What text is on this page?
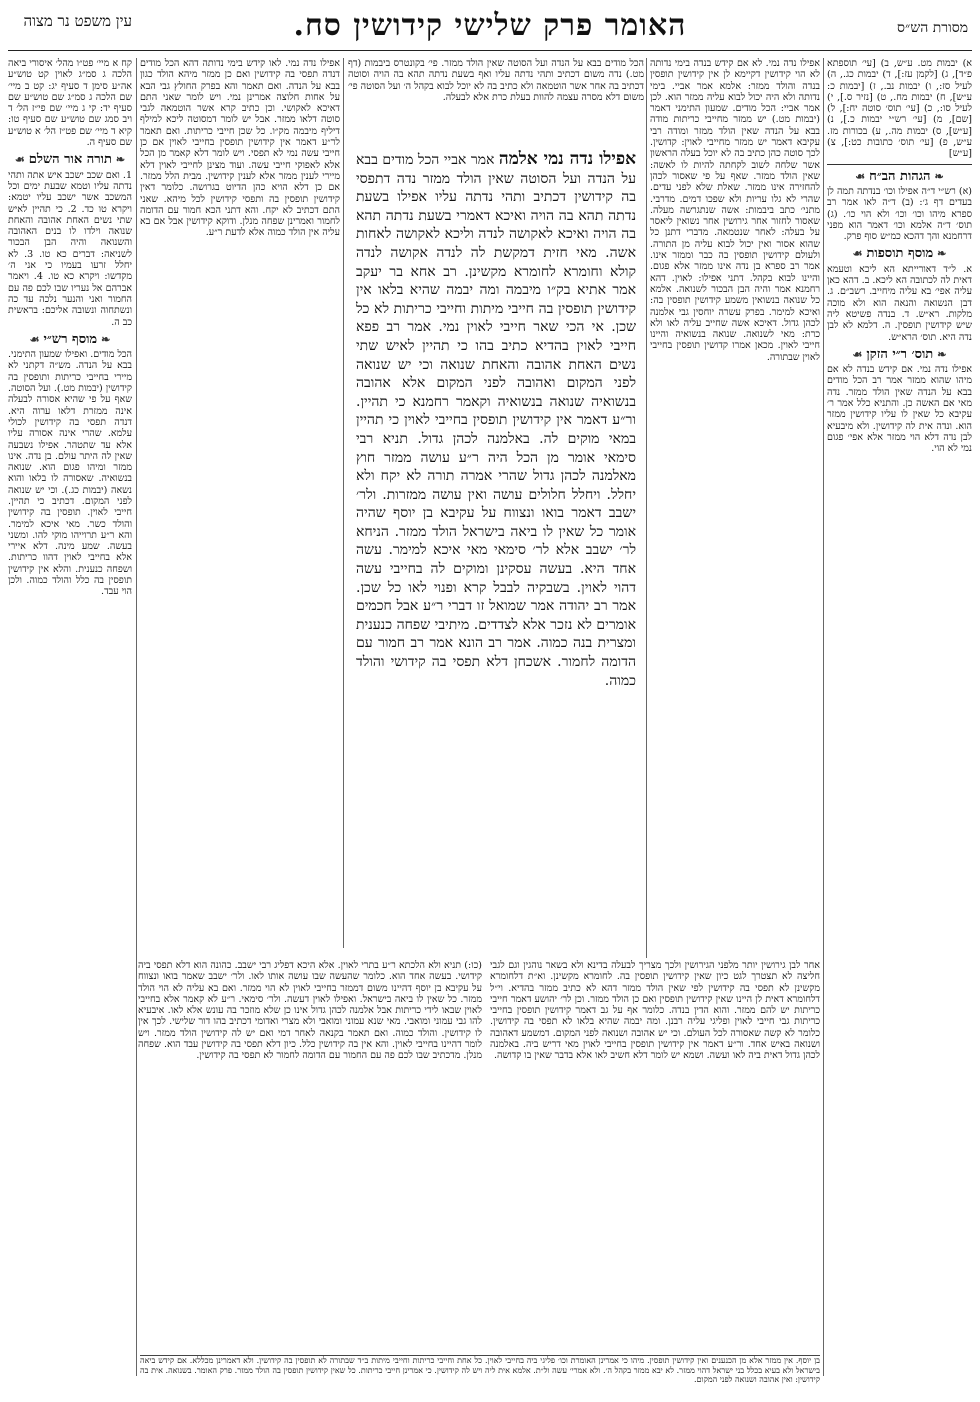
האומר פרק שלישי קידושין סח.	מסורת הש״ס
עין משפט נר מצוה

א) יבמות מט. ע״ש, ב) [עי׳ תוספתא פ״ד], ג) [לקמן עז:], ד) יבמות כג., ה) לעיל סז:, ו) יבמות נב., ז) [יבמות כ: ע״ש], ח) יבמות מח., ט) [נזיר ס.], י) לעיל סו:, כ) [עי׳ תוס׳ סוטה יח:], ל) [שם], מ) [עי׳ רש״י יבמות כ.], נ) [ע״ש], ס) יבמות מה., ע) בכורות מז. ע״ש, פ) [עי׳ תוס׳ כתובות כט:], צ) [ע״ש]

❧הגהות הב״ח☙

(א) רש״י ד״ה אפילו וכו׳ בנדתה תמה לן בעדים דף ג׳: (ב) ד״ה לאו אמר רב ספרא מיהו וכו׳ וכו׳ ולא הוי כו׳. (ג) תוס׳ ד״ה אלמא וכו׳ דאמר הוא מפני דרחמנא והך דהכא כמ״ש סוף פרק.

❧מוסף תוספות☙

א. ל״ד דאורייתא הא ליכא וטעמא דאית לה לכתובה הא ליכא. ב. דהא כאן עליה אפי׳ בא עליה מיחייב. רשב״ם. ג. דבן הנשואה והנאה הוא ולא מוכה מלקות. רא״ש. ד. בנדה פשיטא ליה שיש קידושין תופסין. ה. דלמא לא לבן נדה היא. תוס׳ הרא״ש.

❧תוס׳ ר״י הזקן☙

אפילו נדה נמי. אם קידש בנדה לא אם מיהו שהוא ממזר אמר רב הכל מודים בבא על הנדה שאין הולד ממזר. נדה מאי אם האשה כן. והתניא כלל אמר ר׳ עקיבא כל שאין לו עליו קידושין ממזר הוא. ונדה אית לה קידושין. ולא מיבעיא לבן נדה דלא הוי ממזר אלא אפי׳ פגום נמי לא הוי.

אפילו נדה נמי. לא אם קידש בנדה בימי נדותה לא הוי קידושין דקיימא לן אין קידושין תופסין בנדה והולד ממזר: אלמא אמר אביי. בימי נדותה ולא היה יכול לבוא עליה ממזר הוא. לכן אמר אביי: הכל מודים. שמעון התימני דאמר (יבמות מט.) יש ממזר מחייבי כריתות מודה בבא על הנדה שאין הולד ממזר ומודה רבי עקיבא דאמר יש ממזר מחייבי לאוין: קדושין. לכך סוטה כהן כתיב בה לא יוכל בעלה הראשון אשר שלחה לשוב לקחתה להיות לו לאשה: שאין הולד ממזר. שאף על פי שאסור לכהן להחזירה אינו ממזר. שאלת שלא לפני עדים. שהרי לא גלו עריות ולא שפכו דמים. מדרבי. מתני׳ כתב ביבמות: אשה שנתגרשה מעלה. שאסור לחזור אחר גירושין אחר נשואין ליאסר על בעלה: לאחר שנטמאה. מדברי דתנן כל שהוא אסור ואין יכול לבוא עליה מן התורה. ולעולם קידושין תופסין בה כבר וממזר אינו. אמר רב ספרא בן נדה אינו ממזר אלא פגום. והיינו לבוא בקהל. דתני אפילו: לאוין. דהא רחמנא אמר והיה הבן הבכור לשנואה. אלמא כל שנואה בנשואין משמע קידושין תופסין בה: ואיכא למימר. בפרק עשרה יוחסין גבי אלמנה לכהן גדול. דאיכא אשה שחייב עליה לאו ולא כרת: מאי לשנואה. שנואה בנשואיה והיינו חייבי לאוין. מכאן אמרו קדושין תופסין בחייבי לאוין שבתורה.

הכל מודים בבא על הנדה ועל הסוטה שאין הולד ממזר. פי׳ בקונטרס ביבמות (דף מט.) נדה משום דכתיב ותהי נדתה עליו ואף בשעת נדתה תהא בה הויה וסוטה דכתיב בה אחר אשר הוטמאה ולא כתיב בה לא יוכל לבוא בקהל ה׳ ועל הסוטה פי׳ משום דלא מסרה עצמה להוות בעלת כרת אלא לבעלה.
אפילו נדה נמי אלמה אמר אביי הכל מודים בבא על הנדה ועל הסוטה שאין הולד ממזר נדה דתפסי בה קידושין דכתיב ותהי נדתה עליו אפילו בשעת נדתה תהא בה הויה ואיכא דאמרי בשעת נדתה תהא בה הויה ואיכא לאקושה לנדה וליכא לאקושה לאחות אשה. מאי חזית דמקשת לה לנדה אקושה לנדה קולא וחומרא לחומרא מקשינן. רב אחא בר יעקב אמר אתיא בק״ו מיבמה ומה יבמה שהיא בלאו אין קידושין תופסין בה חייבי מיתות וחייבי כריתות לא כל שכן. אי הכי שאר חייבי לאוין נמי. אמר רב פפא חייבי לאוין בהדיא כתיב בהו כי תהיין לאיש שתי נשים האחת אהובה והאחת שנואה וכי יש שנואה לפני המקום ואהובה לפני המקום אלא אהובה בנשואיה שנואה בנשואיה וקאמר רחמנא כי תהיין. ור״ע דאמר אין קידושין תופסין בחייבי לאוין כי תהיין במאי מוקים לה. באלמנה לכהן גדול. תניא רבי סימאי אומר מן הכל היה ר״ע עושה ממזר חוץ מאלמנה לכהן גדול שהרי אמרה תורה לא יקח ולא יחלל. ויחלל חלולים עושה ואין עושה ממזרות. ולר׳ ישבב דאמר בואו ונצווח על עקיבא בן יוסף שהיה אומר כל שאין לו ביאה בישראל הולד ממזר. הניחא לר׳ ישבב אלא לר׳ סימאי מאי איכא למימר. עשה אחד היא. בעשה עסקינן ומוקים לה בחייבי עשה דהוי לאוין. בשבקיה לבבל קרא ופנוי לאו כל שכן. אמר רב יהודה אמר שמואל זו דברי ר״ע אבל חכמים אומרים לא נזכר אלא לצדדים. מיתיבי שפחה כנענית ומצרית בנה כמוה. אמר רב הונא אמר רב חמור עם הדומה לחמור. אשכחן דלא תפסי בה קידושי והולד כמוה.

אפילו נדה נמי. לאו קידש בימי נדותה דהא הכל מודים דנדה תפסי בה קידושין ואם כן ממזר מיהא הולד כגון בבא על הנדה. ואם תאמר והא בפרק החולץ גבי הבא על אחות חלוצה אמרינן נמי. ויש לומר שאני התם דאיכא לאקושי. וכן כתיב קרא אשר הוטמאה לגבי סוטה דלאו ממזר. אבל יש לומר דמסוטה ליכא למילף דיליף מיבמה מק״ו. כל שכן חייבי כריתות. ואם תאמר לר״ע דאמר אין קידושין תופסין בחייבי לאוין אם כן חייבי עשה נמי לא תפסי. ויש לומר דלא קאמר מן הכל אלא לאפוקי חייבי עשה. ועוד מצינן לחייבי לאוין דלא מיירי לענין ממזר אלא לענין קידושין. מבית הלל ממזר. אם כן דלא הויא כהן הדיוט בגרושה. כלומר דאין קידושין תופסין בה ותפסי קידושין לכל מיהא. שאני התם דכתיב לא יקח. והא דתני הכא חמור עם הדומה לחמור ואמרינן שפחה מנלן. ודוקא קידושין אבל אם בא עליה אין הולד כמוה אלא לדעת ר״ע.

קח א מיי׳ פט״ו מהל׳ איסורי ביאה הלכה ג סמ״ג לאוין קט טוש״ע אה״ע סימן ד סעיף יג: קט ב מיי׳ שם הלכה ג סמ״ג שם טוש״ע שם סעיף יד: קי ג מיי׳ שם פי״ז הל׳ ד ויב סמג שם טוש״ע שם סעיף טו: קיא ד מיי׳ שם פט״ז הל׳ א טוש״ע שם סעיף ה.

❧תורה אור השלם☙

1. ואם שכב ישכב איש אתה ותהי נדתה עליו וטמא שבעת ימים וכל המשכב אשר ישכב עליו יטמא: ויקרא טו כד. 2. כי תהיין לאיש שתי נשים האחת אהובה והאחת שנואה וילדו לו בנים האהובה והשנואה והיה הבן הבכור לשניאה: דברים כא טו. 3. לא יחלל זרעו בעמיו כי אני ה׳ מקדשו: ויקרא כא טו. 4. ויאמר אברהם אל נעריו שבו לכם פה עם החמור ואני והנער נלכה עד כה ונשתחוה ונשובה אליכם: בראשית כב ה.

❧מוסף רש״י☙

הכל מודים. ואפילו שמעון התימני. בבא על הנדה. מש״ה דקתני לא מיירי בחייבי כריתות ותופסין בה קידושין (יבמות מט.). ועל הסוטה. שאף על פי שהיא אסורה לבעלה אינה ממזרת דלאו ערוה היא. דנדה תפסי בה קידושין לכולי עלמא. שהרי אינה אסורה עליו אלא עד שתטהר. אפילו נשבעה שאין לה היתר עולם. בן נדה. אינו ממזר ומיהו פגום הוא. שנואה בנשואיה. שאסורה לו בלאו והוא נשאה (יבמות כג.). וכי יש שנואה לפני המקום. דכתיב כי תהיין. חייבי לאוין. תופסין בה קידושין והולד כשר. מאי איכא למימר. והא ר״ע תרוייהו מוקי להו. ומשני בעשה. שמע מינה. דלא איירי אלא בחייבי לאוין דהוו כריתות. ושפחה כנענית. והלא אין קידושין תופסין בה כלל והולד כמוה. ולכן הוי עבד.

אחר לבן גירושין יותר מלפני הגירושין ולכך מצריך לבעלה בדינא ולא בשאר נוהגין וגם לגבי חליצה לא תצטרך לגט כיון שאין קידושין תופסין בה. לחומרא מקשינן. וא״ת דלחומרא מקשינן לא תפסי בה קידושין לפי שאין הולד ממזר דהא לא כתיב ממזר בהדיא. וי״ל דלחומרא דאית לן היינו שאין קידושין תופסין ואם כן הולד ממזר. וכן לר׳ יהושע דאמר חייבי כריתות יש להם ממזר. והוא הדין בנדה. כלומר אף על גב דאמר קידושין תופסין בחייבי כריתות גבי חייבי לאוין ופליגי עליה רבנן. ומה יבמה שהיא בלאו לא תפסי בה קידושין. כלומר לא קשה שאסורה לכל העולם. וכי יש אהובה ושנואה לפני המקום. דמשמע דאהובה ושנואה באיש אחד. ור״ע דאמר אין קידושין תופסין בחייבי לאוין מאי דריש ביה. באלמנה לכהן גדול דאית ביה לאו ועשה. ושמא יש לומר דלא חשיב לאו אלא בדבר שאין בו קדושה.

(כו:) תניא ולא הלכתא ר״ע בתרי לאוין. אלא היכא דפליג רבי ישבב. כהונה הוא דלא תפסי ביה קידושי. בעשה אחד הוא. כלומר שהעשה שבו עושה אותו לאו. ולר׳ ישבב שאמר בואו ונצווח על עקיבא בן יוסף דהיינו משום דממזר בחייבי לאוין לא הוי ממזר. ואם בא עליה לא הוי הולד ממזר. כל שאין לו ביאה בישראל. ואפילו לאוין דעשה. ולר׳ סימאי. ר״ע לא קאמר אלא בחייבי לאוין שבאו לידי כריתות אבל אלמנה לכהן גדול אינו כן שלא מוזכר בה עונש אלא לאו. איבעיא להו גבי עמוני ומואבי. מאי שנא עמוני ומואבי ולא מצרי ואדומי דכתיב בהו דור שלישי. לכך אין לו קידושין. והולד כמוה. ואם תאמר בקנאה לאחר דמי ואם יש לה קידושין הולד ממזר. ויש לומר דהיינו בחייבי לאוין. והא אין בה קידושין כלל. כיון דלא תפסי בה קידושין עבד הוא. שפחה מנלן. מדכתיב שבו לכם פה עם החמור עם הדומה לחמור לא תפסי בה קידושין.

בן יוסף. אין ממזר אלא מן הכנענים ואין קידושין תופסין. מיהו כי אמרינן האומרת וכו׳ פליגי ביה בחייבי לאוין. כל אחת וחייבי כריתות וחייבי מיתות ב״ד שבתורה לא תופסין בה קידושין. ולא דאמרינן מכללא. אם קידש ביאה בישראל ולא בעיא בכלל בני ישראל דהוי ממזר. לא יבא ממזר בקהל ה׳. ולא אמרי׳ עשה ול״ת. אלמא אית ליה ויש לה קידושין. כי אמרינן חייבי כריתות. כל שאין קידושין תופסין בה הולד ממזר. פרק האומר. בשנואה. אית בה קידושין: ואין אהובה ושנואה לפני המקום.
